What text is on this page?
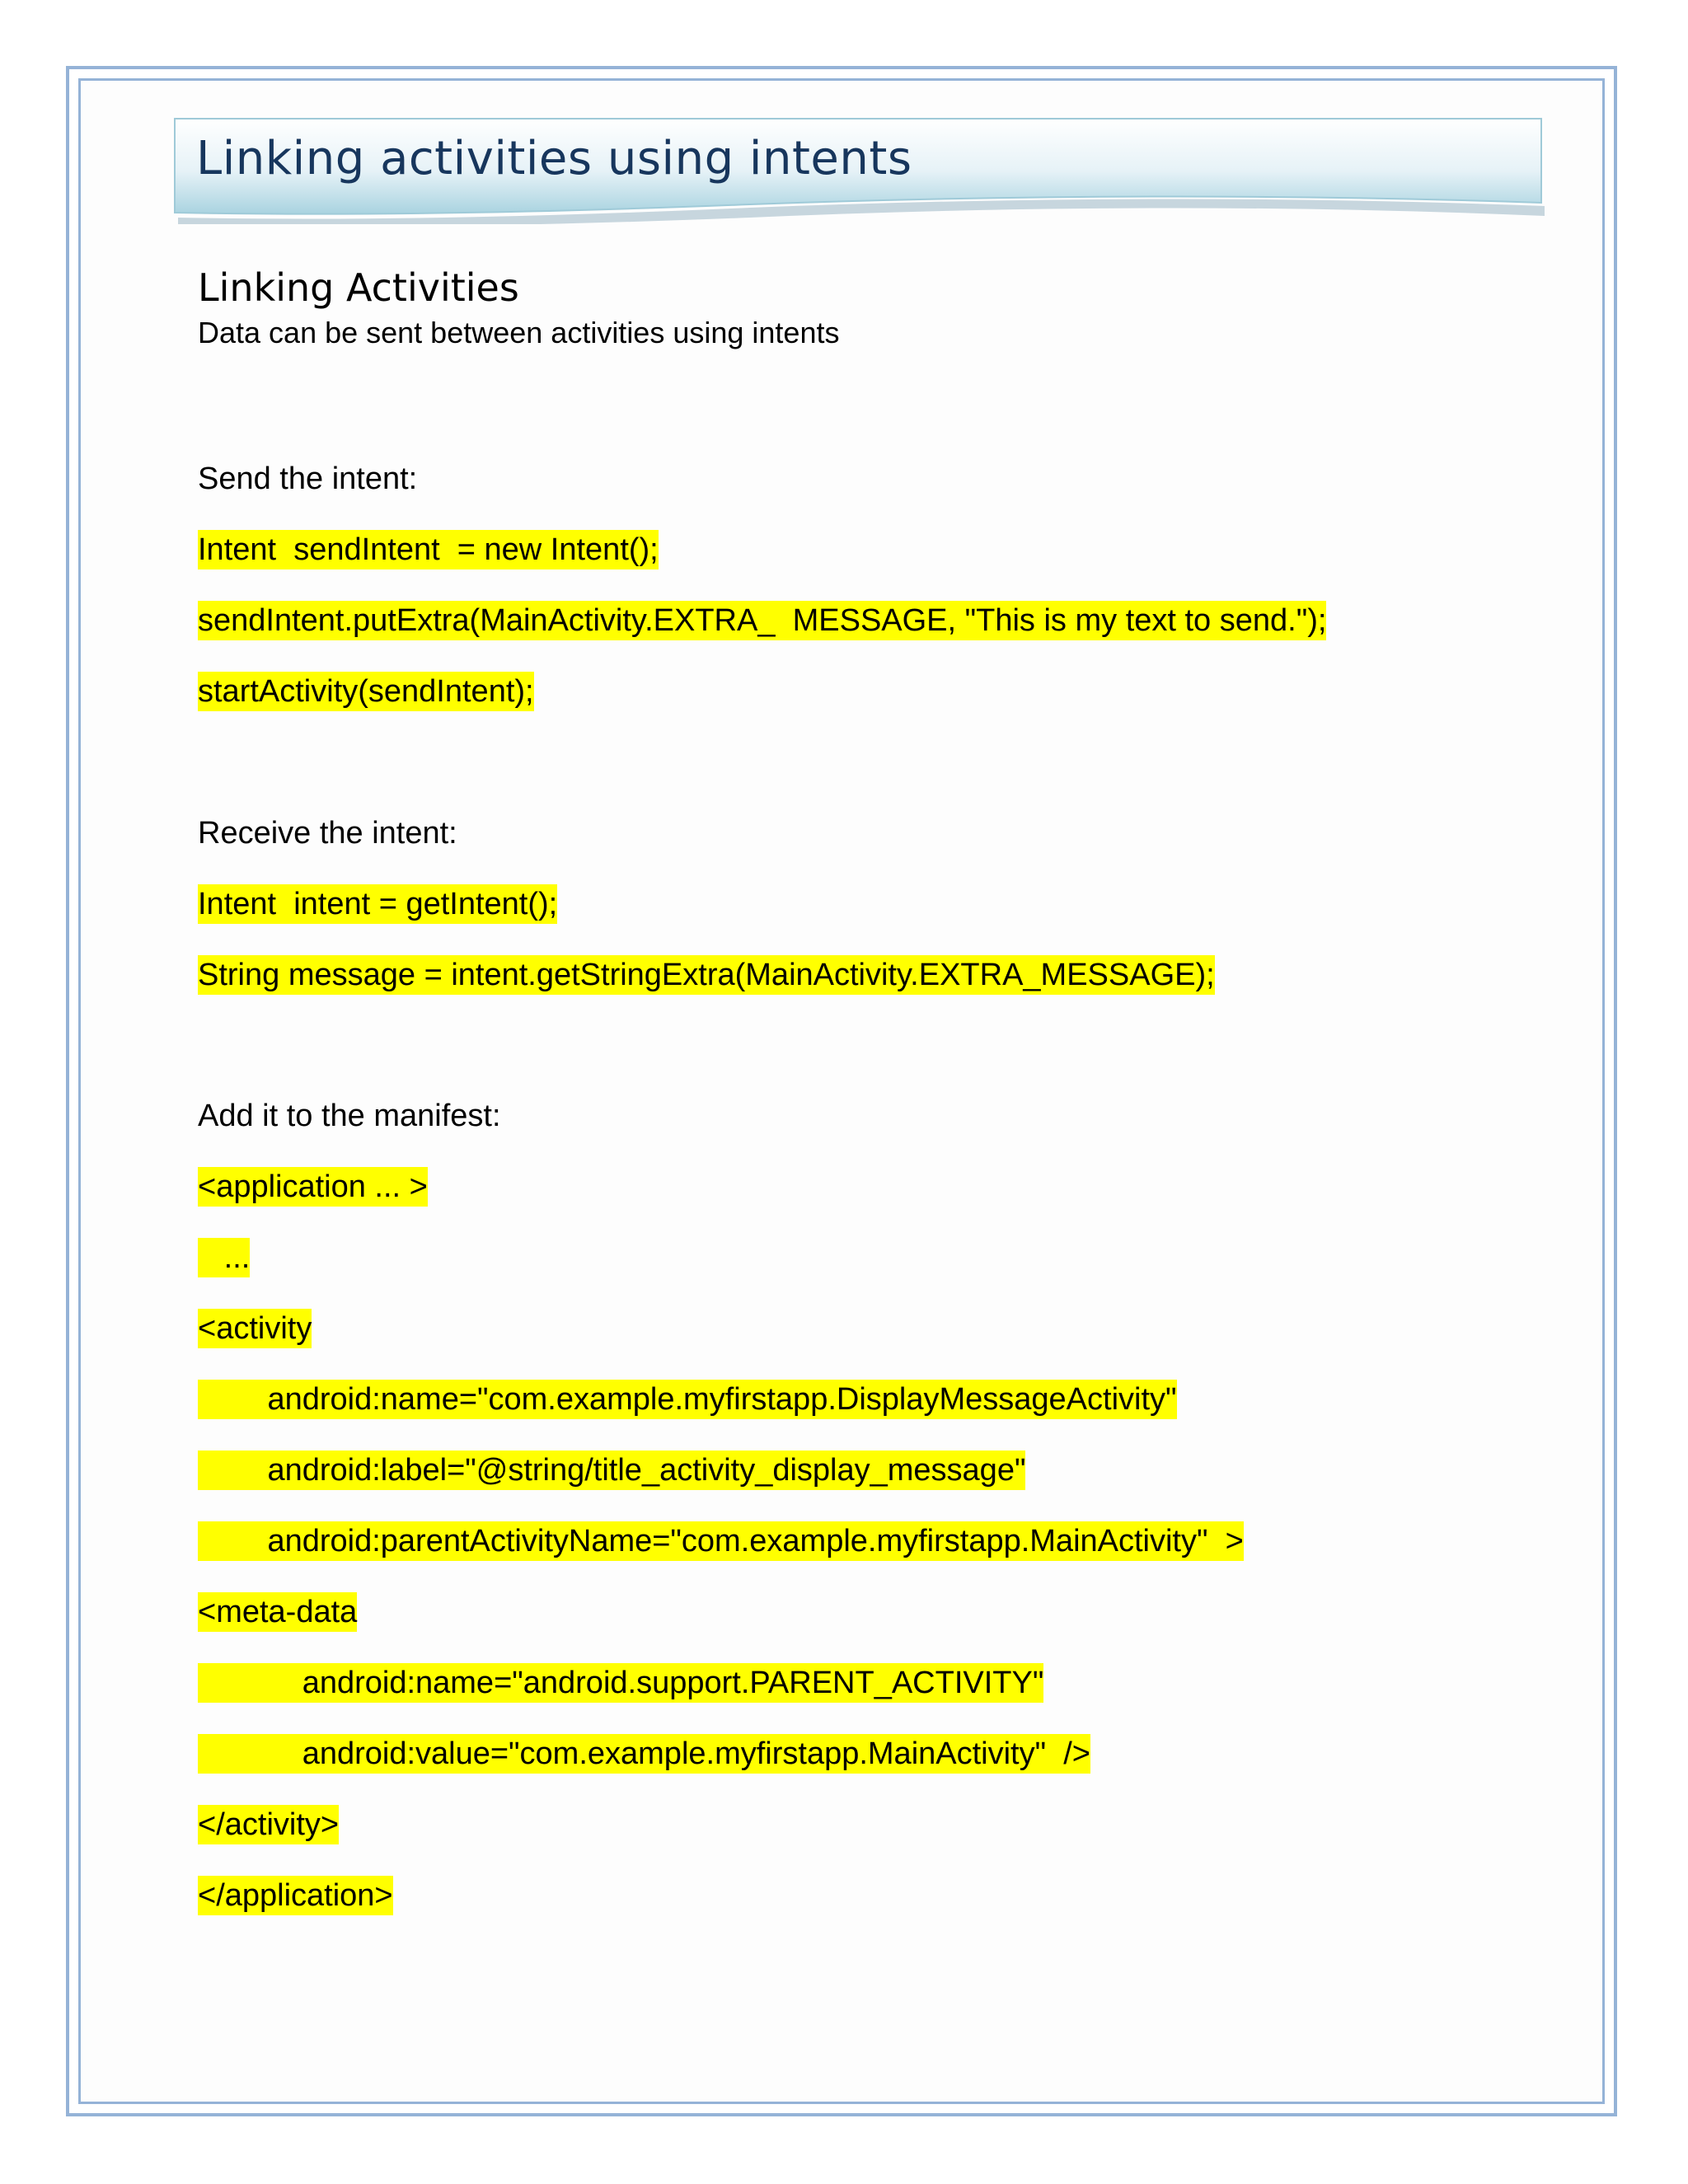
Linking activities using intents

Linking Activities

Data can be sent between activities using intents

Send the intent:
Intent  sendIntent  = new Intent();
sendIntent.putExtra(MainActivity.EXTRA_  MESSAGE, "This is my text to send.");
startActivity(sendIntent);
Receive the intent:
Intent  intent = getIntent();
String message = intent.getStringExtra(MainActivity.EXTRA_MESSAGE);
Add it to the manifest:
<application ... >
...
<activity
android:name="com.example.myfirstapp.DisplayMessageActivity"
android:label="@string/title_activity_display_message"
android:parentActivityName="com.example.myfirstapp.MainActivity"  >
<meta-data
android:name="android.support.PARENT_ACTIVITY"
android:value="com.example.myfirstapp.MainActivity"  />
</activity>
</application>
